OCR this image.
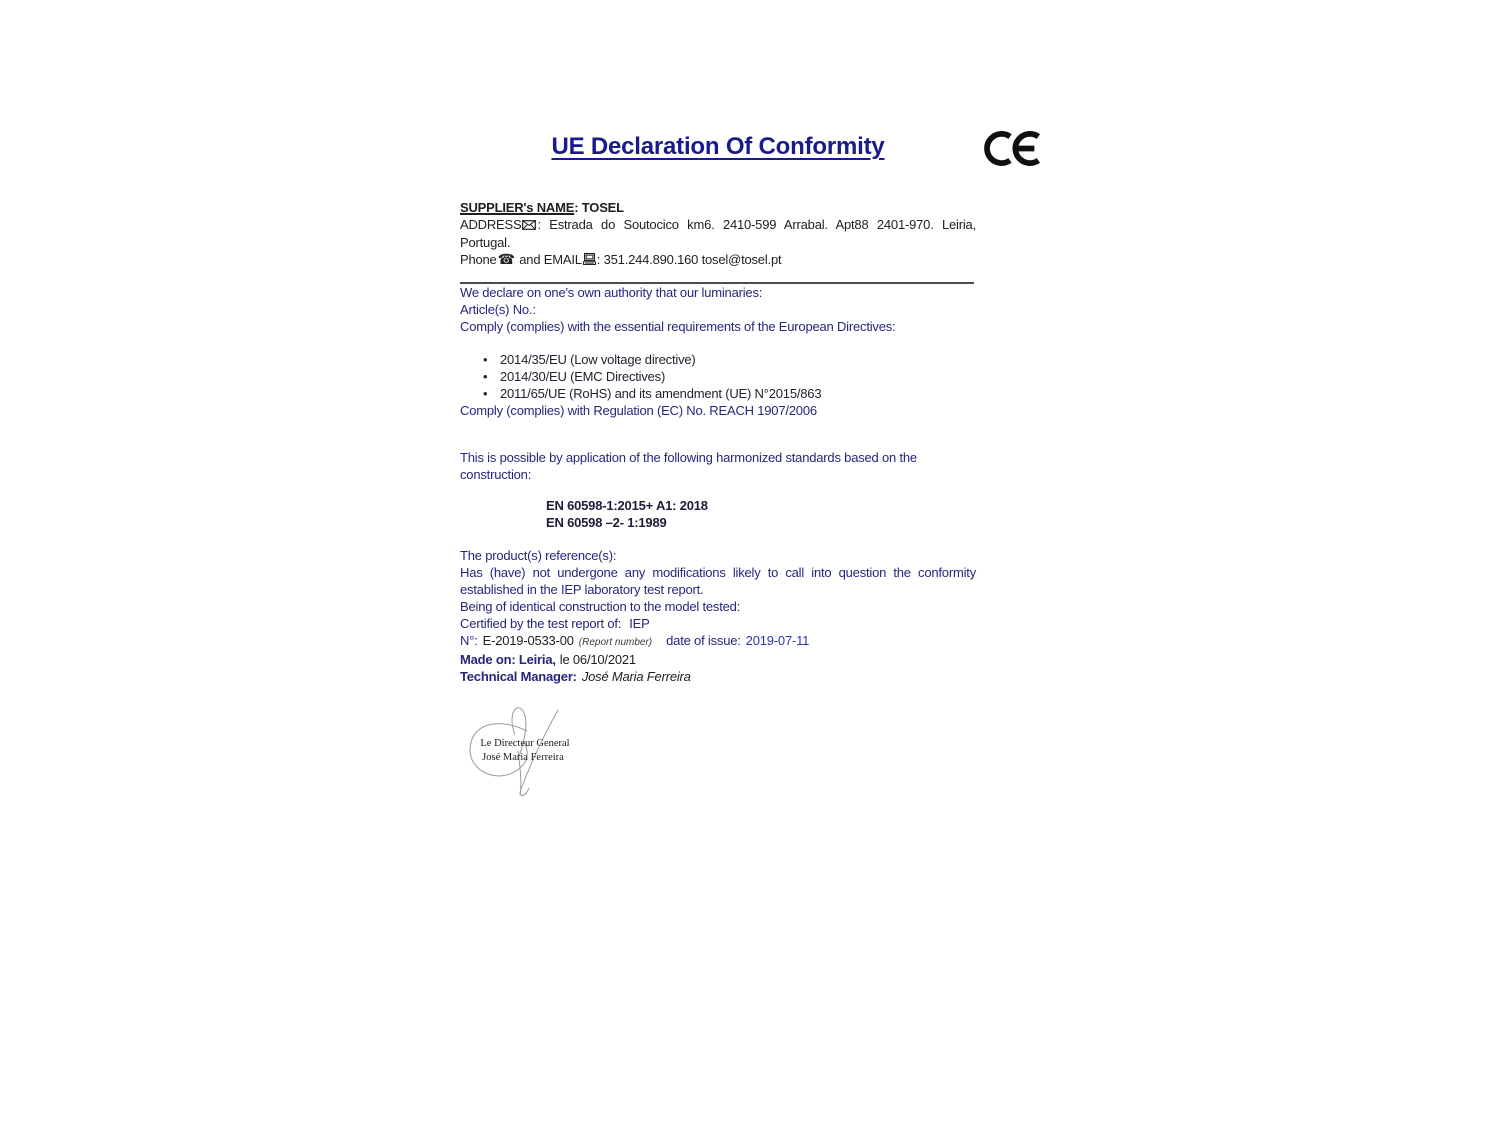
UE Declaration Of Conformity

SUPPLIER's NAME: TOSEL

ADDRESS : Estrada do Soutocico km6. 2410-599 Arrabal. Apt88 2401-970. Leiria,

Portugal.

Phone☎ and EMAIL : 351.244.890.160 tosel@tosel.pt

We declare on one's own authority that our luminaries:

Article(s) No.:

Comply (complies) with the essential requirements of the European Directives:

• 2014/35/EU (Low voltage directive)
• 2014/30/EU (EMC Directives)
• 2011/65/UE (RoHS) and its amendment (UE) N°2015/863

Comply (complies) with Regulation (EC) No. REACH 1907/2006

This is possible by application of the following harmonized standards based on the

construction:

EN 60598-1:2015+ A1: 2018

EN 60598 –2- 1:1989

The product(s) reference(s):

Has (have) not undergone any modifications likely to call into question the conformity

established in the IEP laboratory test report.

Being of identical construction to the model tested:

Certified by the test report of: IEP

N°: E-2019-0533-00 (Report number) date of issue: 2019-07-11

Made on: Leiria, le 06/10/2021

Technical Manager: José Maria Ferreira

Le Directeur General
José Maria Ferreira
